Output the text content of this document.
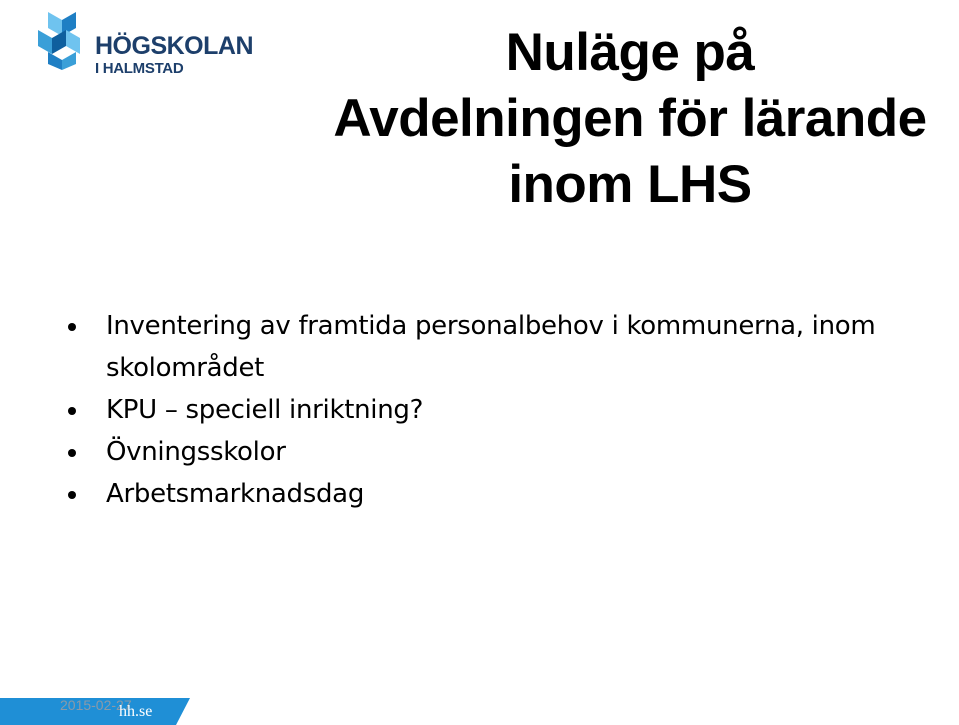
HÖGSKOLAN
I HALMSTAD	Nuläge på
Avdelningen för lärande
inom LHS
Inventering av framtida personalbehov i kommunerna, inom skolområdet
KPU – speciell inriktning?
Övningsskolor
Arbetsmarknadsdag
2015-02-27
hh.se
